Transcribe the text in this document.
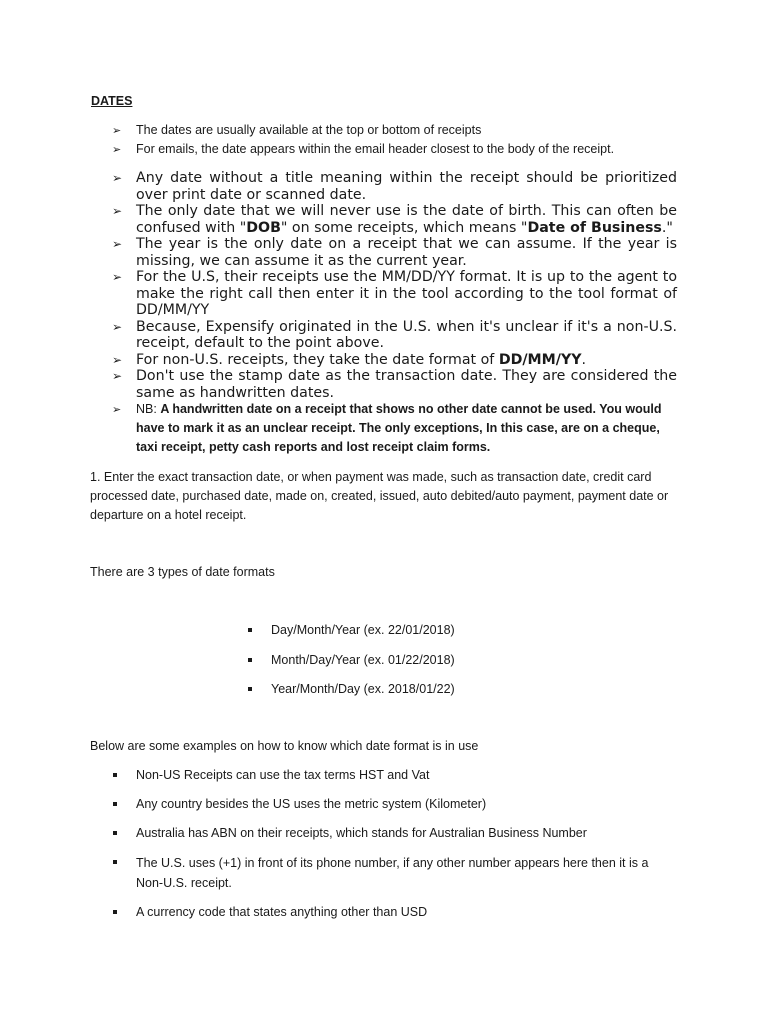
DATES
➢ The dates are usually available at the top or bottom of receipts
➢ For emails, the date appears within the email header closest to the body of the receipt.
➢ Any date without a title meaning within the receipt should be prioritized over print date or scanned date.
➢ The only date that we will never use is the date of birth. This can often be confused with "DOB" on some receipts, which means "Date of Business."
➢ The year is the only date on a receipt that we can assume. If the year is missing, we can assume it as the current year.
➢ For the U.S, their receipts use the MM/DD/YY format. It is up to the agent to make the right call then enter it in the tool according to the tool format of DD/MM/YY
➢ Because, Expensify originated in the U.S. when it's unclear if it's a non-U.S. receipt, default to the point above.
➢ For non-U.S. receipts, they take the date format of DD/MM/YY.
➢ Don't use the stamp date as the transaction date. They are considered the same as handwritten dates.
➢ NB: A handwritten date on a receipt that shows no other date cannot be used. You would have to mark it as an unclear receipt. The only exceptions, In this case, are on a cheque, taxi receipt, petty cash reports and lost receipt claim forms.
1. Enter the exact transaction date, or when payment was made, such as transaction date, credit card processed date, purchased date, made on, created, issued, auto debited/auto payment, payment date or departure on a hotel receipt.
There are 3 types of date formats
Day/Month/Year (ex. 22/01/2018)
Month/Day/Year (ex. 01/22/2018)
Year/Month/Day (ex. 2018/01/22)
Below are some examples on how to know which date format is in use
Non-US Receipts can use the tax terms HST and Vat
Any country besides the US uses the metric system (Kilometer)
Australia has ABN on their receipts, which stands for Australian Business Number
The U.S. uses (+1) in front of its phone number, if any other number appears here then it is a Non-U.S. receipt.
A currency code that states anything other than USD
